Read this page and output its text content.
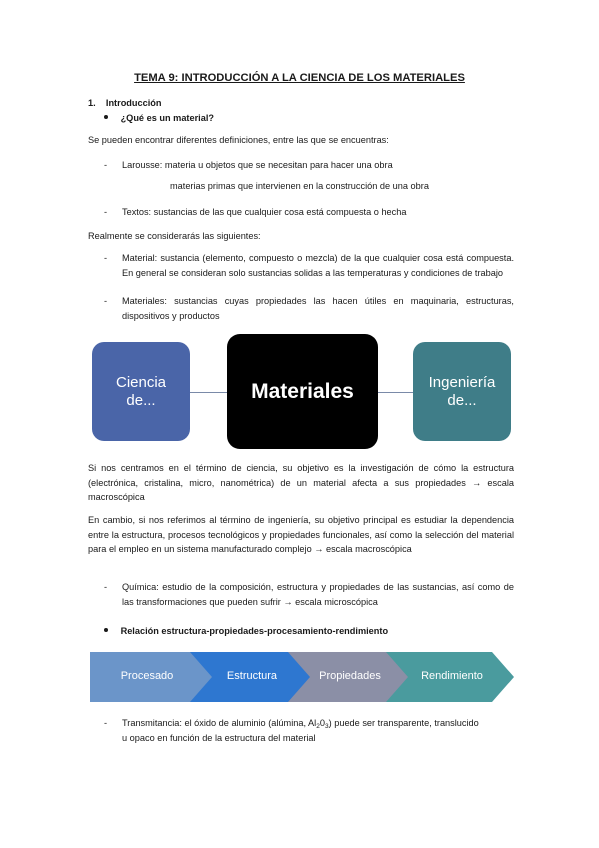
TEMA 9: INTRODUCCIÓN A LA CIENCIA DE LOS MATERIALES
1. Introducción
¿Qué es un material?
Se pueden encontrar diferentes definiciones, entre las que se encuentras:
- Larousse: materia u objetos que se necesitan para hacer una obra
materias primas que intervienen en la construcción de una obra
- Textos: sustancias de las que cualquier cosa está compuesta o hecha
Realmente se considerarás las siguientes:
- Material: sustancia (elemento, compuesto o mezcla) de la que cualquier cosa está compuesta. En general se consideran solo sustancias solidas a las temperaturas y condiciones de trabajo
- Materiales: sustancias cuyas propiedades las hacen útiles en maquinaria, estructuras, dispositivos y productos
Ciencia de...	Materiales	Ingeniería de...
Si nos centramos en el término de ciencia, su objetivo es la investigación de cómo la estructura (electrónica, cristalina, micro, nanométrica) de un material afecta a sus propiedades → escala macroscópica
En cambio, si nos referimos al término de ingeniería, su objetivo principal es estudiar la dependencia entre la estructura, procesos tecnológicos y propiedades funcionales, así como la selección del material para el empleo en un sistema manufacturado complejo → escala macroscópica
- Química: estudio de la composición, estructura y propiedades de las sustancias, así como de las transformaciones que pueden sufrir → escala microscópica
Relación estructura-propiedades-procesamiento-rendimiento
Procesado	Estructura	Propiedades	Rendimiento
- Transmitancia: el óxido de aluminio (alúmina, $Al_20_3$) puede ser transparente, translucido
u opaco en función de la estructura del material
